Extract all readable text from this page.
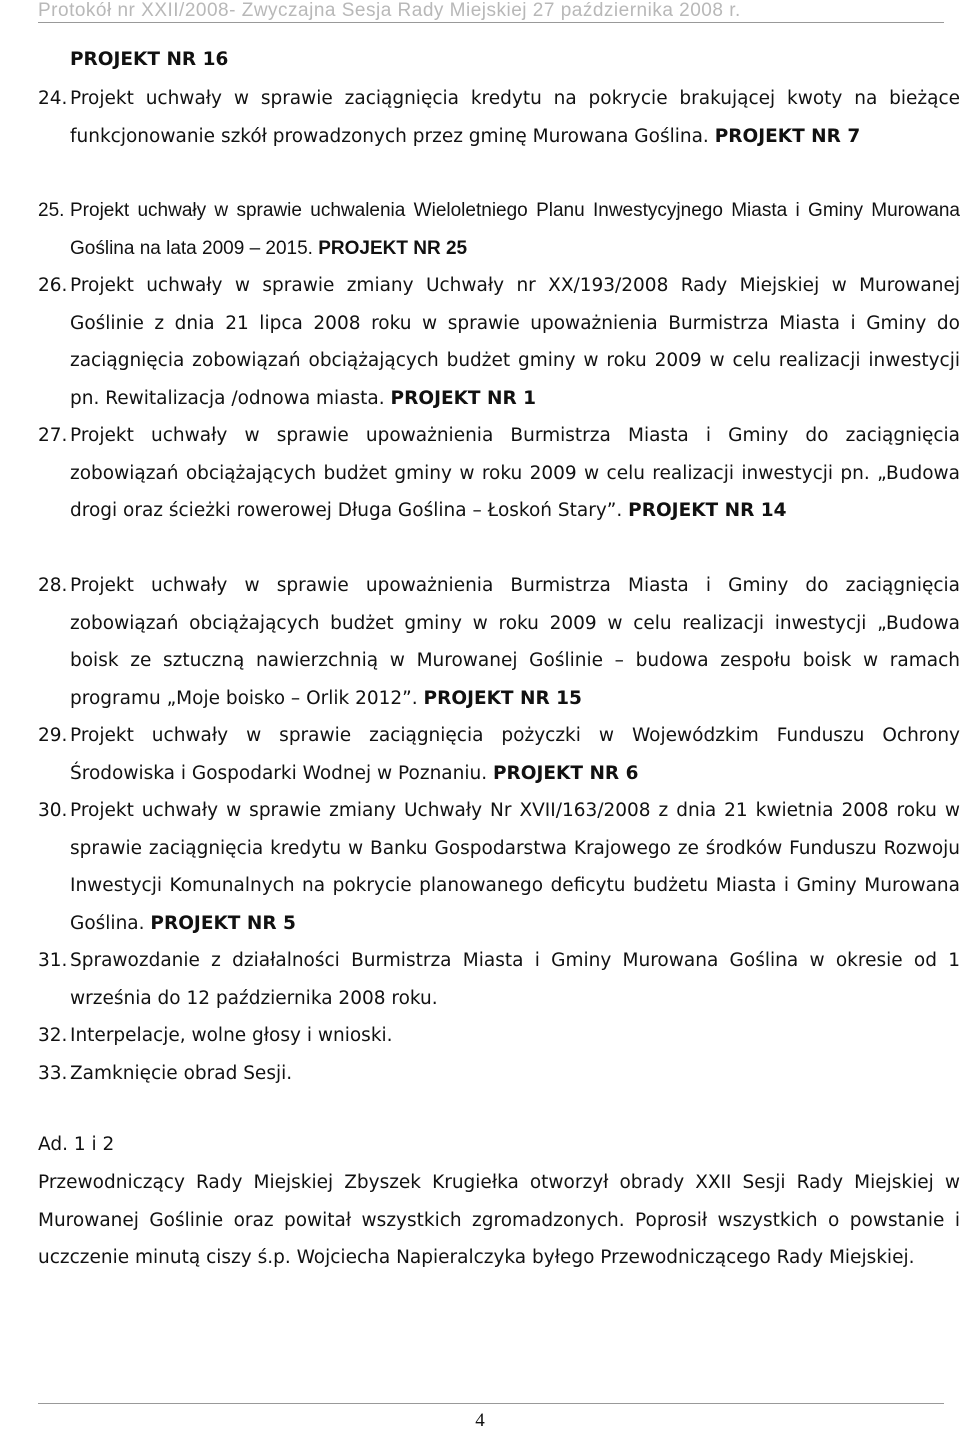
Protokół nr XXII/2008- Zwyczajna Sesja Rady Miejskiej 27 października 2008 r.
PROJEKT NR 16
24. Projekt uchwały w sprawie zaciągnięcia kredytu na pokrycie brakującej kwoty na bieżące funkcjonowanie szkół prowadzonych przez gminę Murowana Goślina. PROJEKT NR 7
25. Projekt uchwały w sprawie uchwalenia Wieloletniego Planu Inwestycyjnego Miasta i Gminy Murowana Goślina na lata 2009 – 2015. PROJEKT NR 25
26. Projekt uchwały w sprawie zmiany Uchwały nr XX/193/2008 Rady Miejskiej w Murowanej Goślinie z dnia 21 lipca 2008 roku w sprawie upoważnienia Burmistrza Miasta i Gminy do zaciągnięcia zobowiązań obciążających budżet gminy w roku 2009 w celu realizacji inwestycji pn. Rewitalizacja /odnowa miasta. PROJEKT NR 1
27. Projekt uchwały w sprawie upoważnienia Burmistrza Miasta i Gminy do zaciągnięcia zobowiązań obciążających budżet gminy w roku 2009 w celu realizacji inwestycji pn. „Budowa drogi oraz ścieżki rowerowej Długa Goślina – Łoskoń Stary”. PROJEKT NR 14
28. Projekt uchwały w sprawie upoważnienia Burmistrza Miasta i Gminy do zaciągnięcia zobowiązań obciążających budżet gminy w roku 2009 w celu realizacji inwestycji „Budowa boisk ze sztuczną nawierzchnią w Murowanej Goślinie – budowa zespołu boisk w ramach programu „Moje boisko – Orlik 2012”. PROJEKT NR 15
29. Projekt uchwały w sprawie zaciągnięcia pożyczki w Wojewódzkim Funduszu Ochrony Środowiska i Gospodarki Wodnej w Poznaniu. PROJEKT NR 6
30. Projekt uchwały w sprawie zmiany Uchwały Nr XVII/163/2008 z dnia 21 kwietnia 2008 roku w sprawie zaciągnięcia kredytu w Banku Gospodarstwa Krajowego ze środków Funduszu Rozwoju Inwestycji Komunalnych na pokrycie planowanego deficytu budżetu Miasta i Gminy Murowana Goślina. PROJEKT NR 5
31. Sprawozdanie z działalności Burmistrza Miasta i Gminy Murowana Goślina w okresie od 1 września do 12 października 2008 roku.
32. Interpelacje, wolne głosy i wnioski.
33. Zamknięcie obrad Sesji.
Ad. 1 i 2
Przewodniczący Rady Miejskiej Zbyszek Krugiełka otworzył obrady XXII Sesji Rady Miejskiej w Murowanej Goślinie oraz powitał wszystkich zgromadzonych. Poprosił wszystkich o powstanie i uczczenie minutą ciszy ś.p. Wojciecha Napieralczyka byłego Przewodniczącego Rady Miejskiej.
4
